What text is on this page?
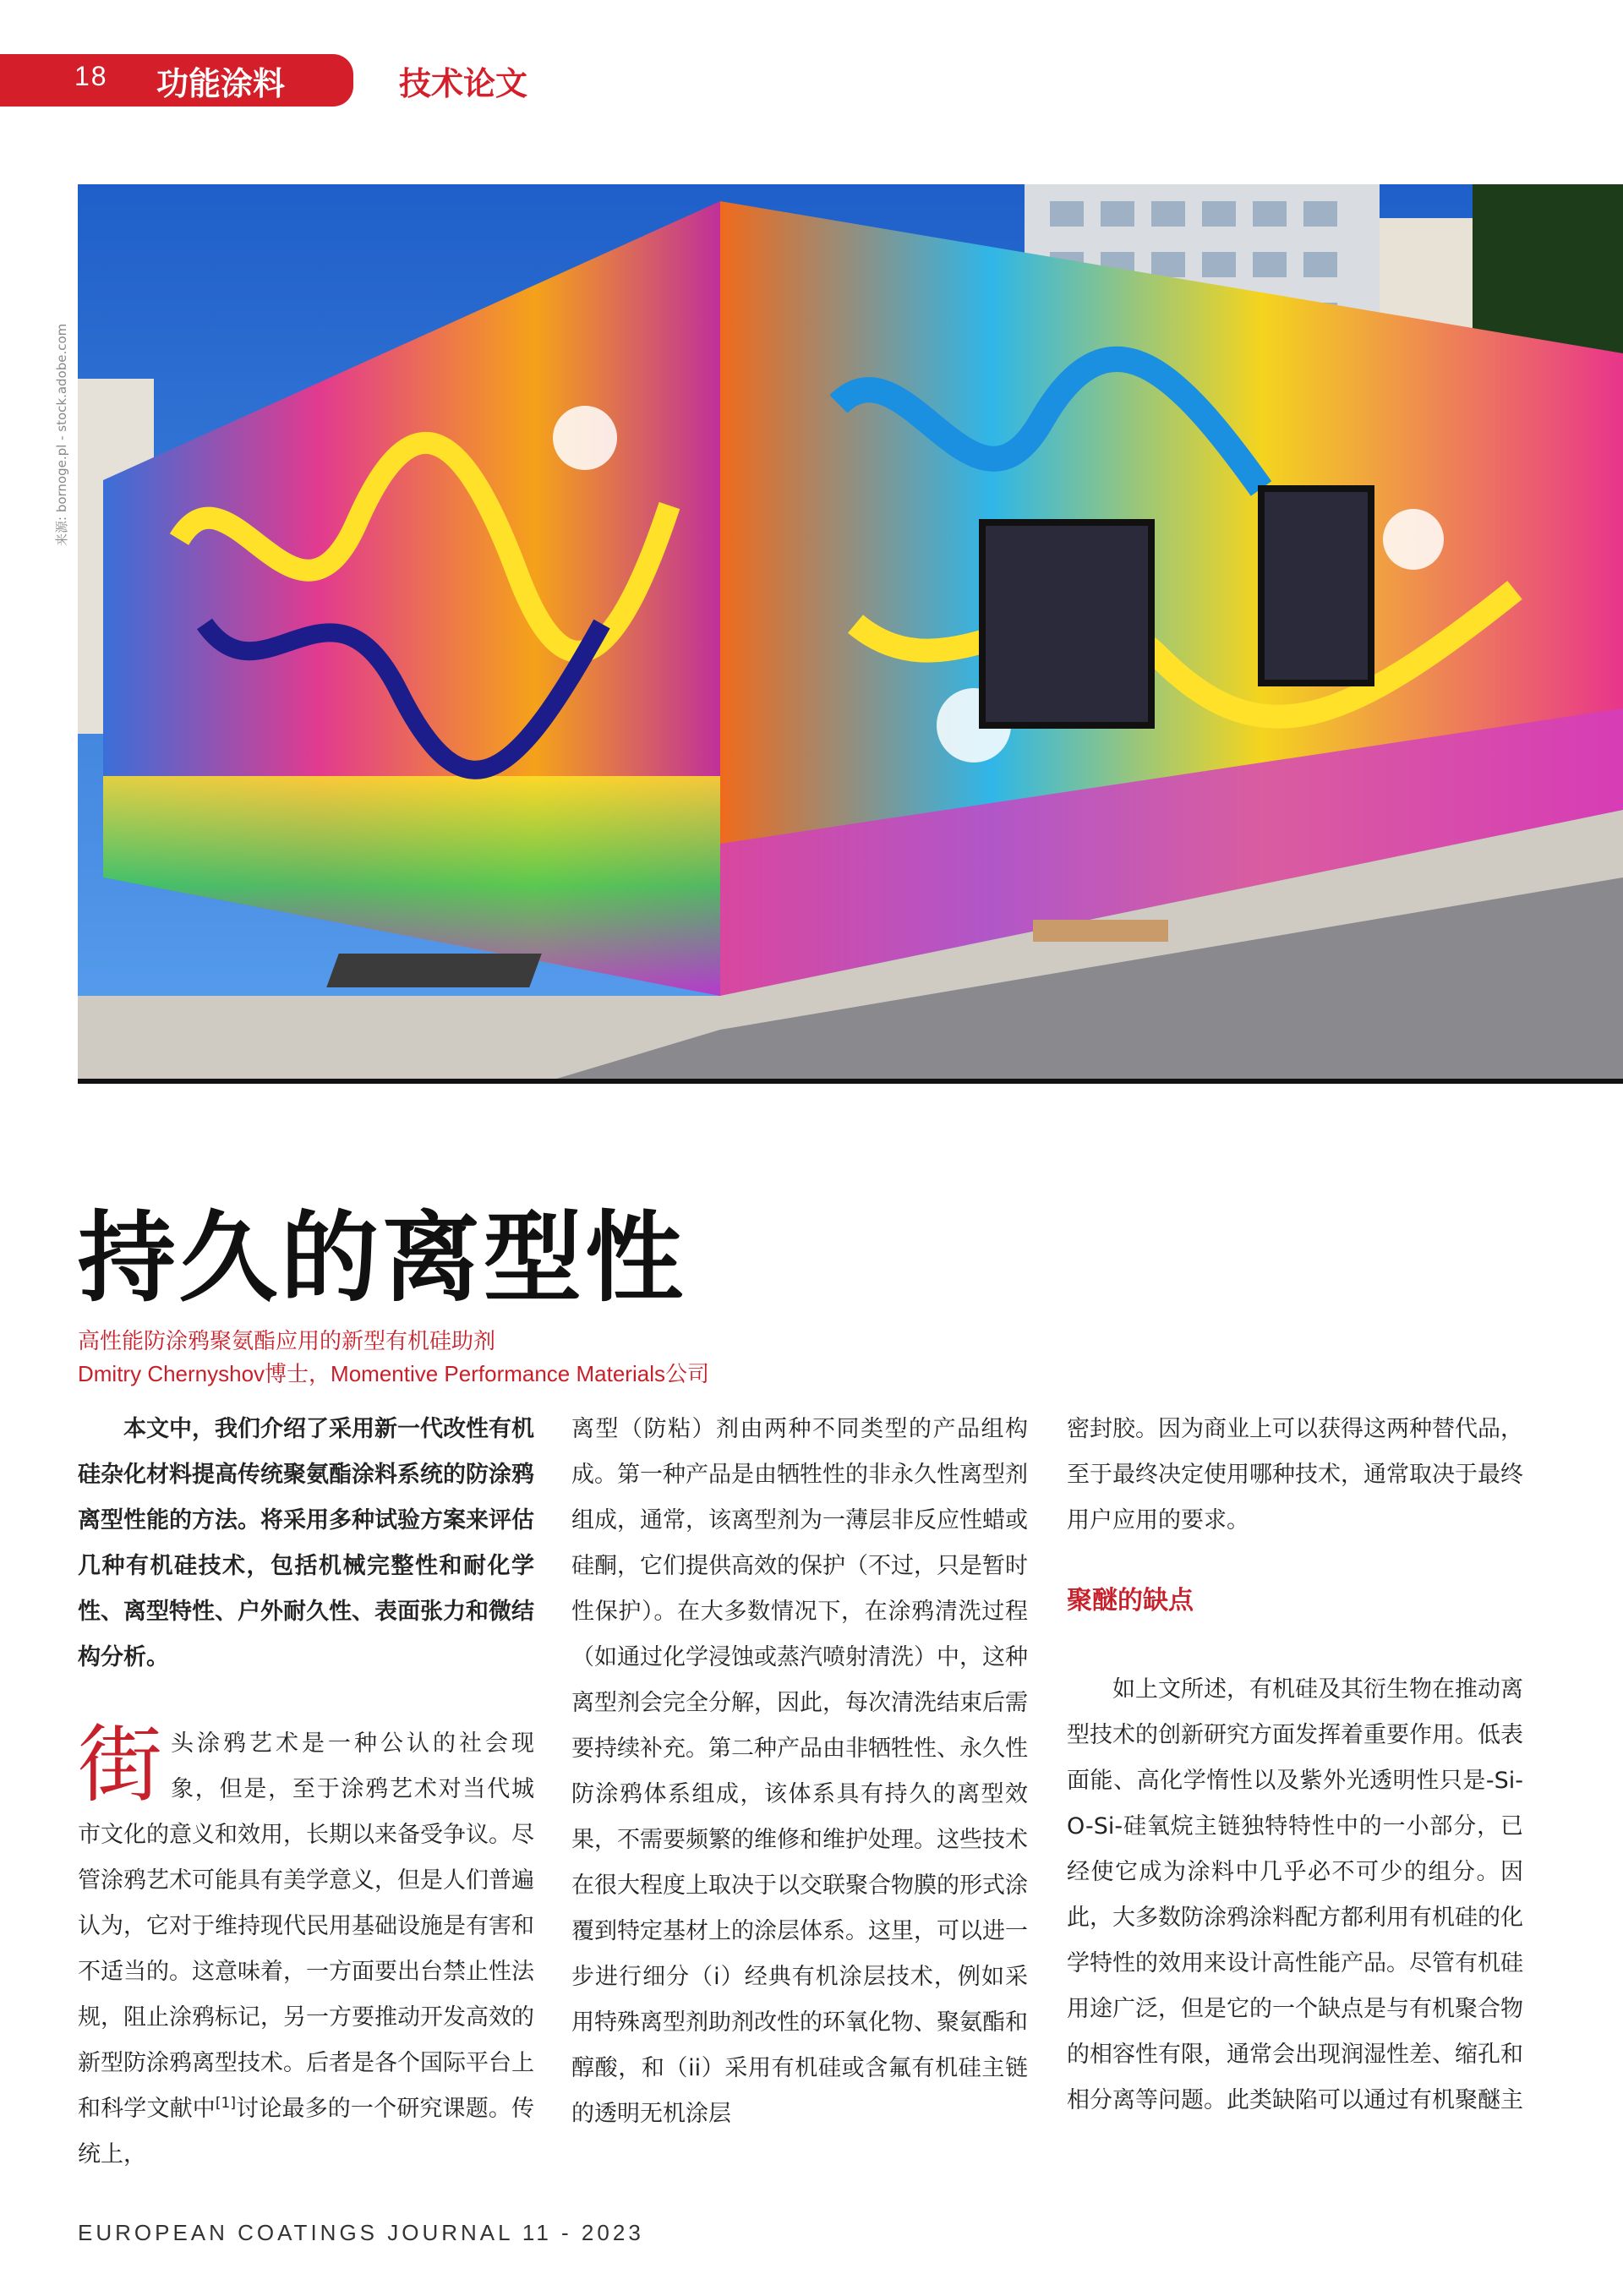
18 功能涂料	技术论文
来源: bornoge.pl - stock.adobe.com
持久的离型性
高性能防涂鸦聚氨酯应用的新型有机硅助剂
Dmitry Chernyshov博士，Momentive Performance Materials公司

本文中，我们介绍了采用新一代改性有机硅杂化材料提高传统聚氨酯涂料系统的防涂鸦离型性能的方法。将采用多种试验方案来评估几种有机硅技术，包括机械完整性和耐化学性、离型特性、户外耐久性、表面张力和微结构分析。

街头涂鸦艺术是一种公认的社会现象，但是，至于涂鸦艺术对当代城市文化的意义和效用，长期以来备受争议。尽管涂鸦艺术可能具有美学意义，但是人们普遍认为，它对于维持现代民用基础设施是有害和不适当的。这意味着，一方面要出台禁止性法规，阻止涂鸦标记，另一方要推动开发高效的新型防涂鸦离型技术。后者是各个国际平台上和科学文献中[1]讨论最多的一个研究课题。传统上，

离型（防粘）剂由两种不同类型的产品组构成。第一种产品是由牺牲性的非永久性离型剂组成，通常，该离型剂为一薄层非反应性蜡或硅酮，它们提供高效的保护（不过，只是暂时性保护）。在大多数情况下，在涂鸦清洗过程（如通过化学浸蚀或蒸汽喷射清洗）中，这种离型剂会完全分解，因此，每次清洗结束后需要持续补充。第二种产品由非牺牲性、永久性防涂鸦体系组成，该体系具有持久的离型效果，不需要频繁的维修和维护处理。这些技术在很大程度上取决于以交联聚合物膜的形式涂覆到特定基材上的涂层体系。这里，可以进一步进行细分（i）经典有机涂层技术，例如采用特殊离型剂助剂改性的环氧化物、聚氨酯和醇酸，和（ii）采用有机硅或含氟有机硅主链的透明无机涂层

密封胶。因为商业上可以获得这两种替代品，至于最终决定使用哪种技术，通常取决于最终用户应用的要求。

聚醚的缺点

如上文所述，有机硅及其衍生物在推动离型技术的创新研究方面发挥着重要作用。低表面能、高化学惰性以及紫外光透明性只是-Si-O-Si-硅氧烷主链独特特性中的一小部分，已经使它成为涂料中几乎必不可少的组分。因此，大多数防涂鸦涂料配方都利用有机硅的化学特性的效用来设计高性能产品。尽管有机硅用途广泛，但是它的一个缺点是与有机聚合物的相容性有限，通常会出现润湿性差、缩孔和相分离等问题。此类缺陷可以通过有机聚醚主

EUROPEAN COATINGS JOURNAL 11 - 2023
